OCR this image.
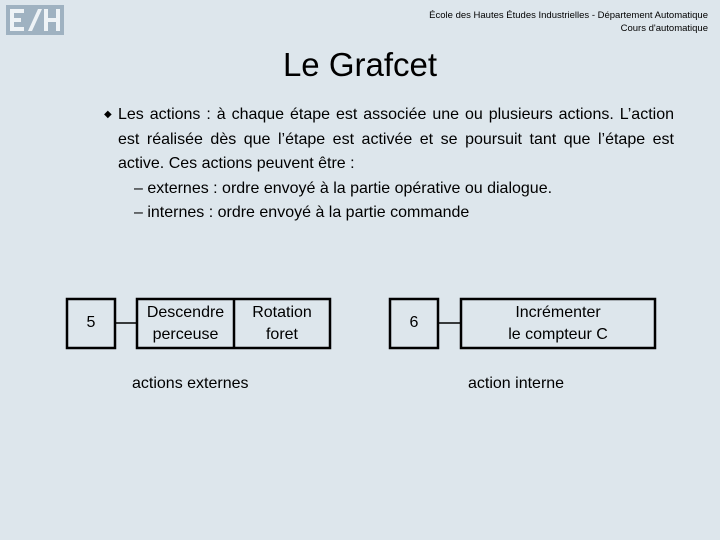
École des Hautes Études Industrielles - Département Automatique
Cours d'automatique
Le Grafcet
◆ Les actions : à chaque étape est associée une ou plusieurs actions. L’action est réalisée dès que l’étape est activée et se poursuit tant que l’étape est active. Ces actions peuvent être :
– externes : ordre envoyé à la partie opérative ou dialogue.
– internes : ordre envoyé à la partie commande
5
Descendre
perceuse
Rotation
foret
actions externes
6
Incrémenter
le compteur C
action interne
